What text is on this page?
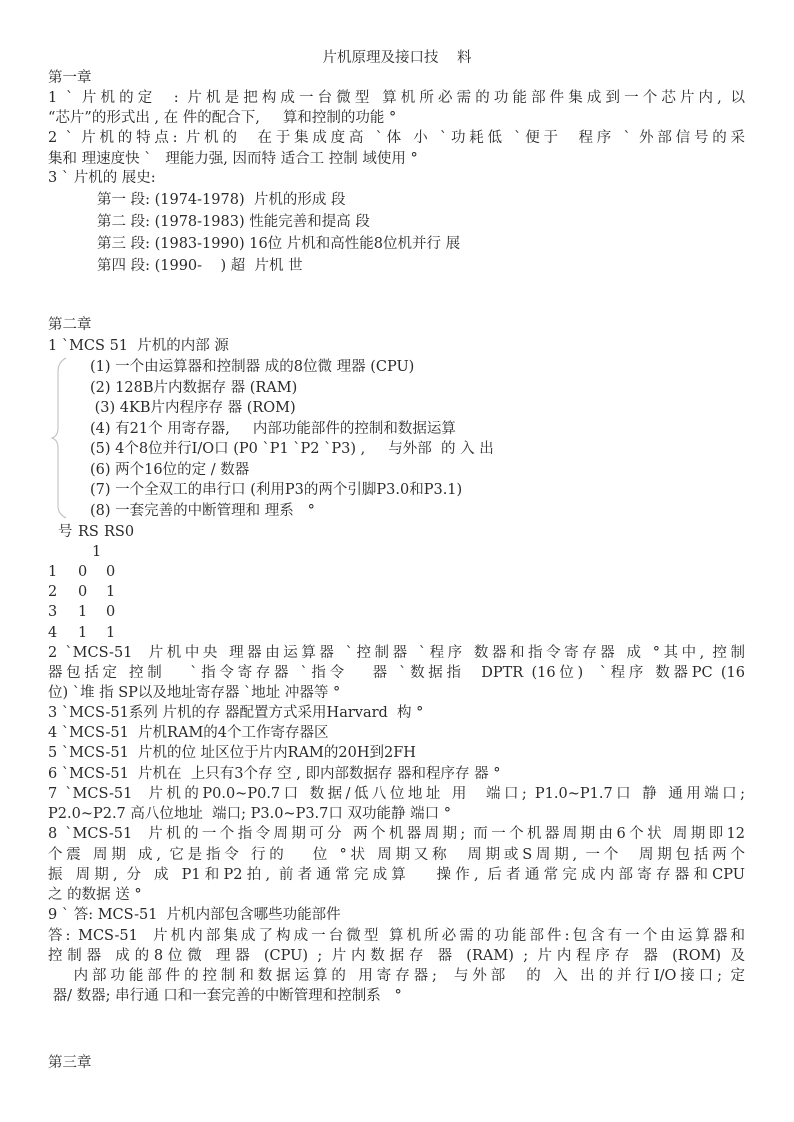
片机原理及接口技    料
第一章
1 ` 片机的定  : 片机是把构成一台微型 算机所必需的功能部件集成到一个芯片内, 以
“芯片”的形式出 , 在 件的配合下,     算和控制的功能 °
2 ` 片机的特点: 片机的  在于集成度高 `体 小 `功耗低 `便于  程序 ` 外部信号的采
集和 理速度快 `   理能力强, 因而特 适合工 控制 域使用 °
3 ` 片机的 展史:
第一 段: (1974-1978)  片机的形成 段
第二 段: (1978-1983) 性能完善和提高 段
第三 段: (1983-1990) 16位 片机和高性能8位机并行 展
第四 段: (1990-    ) 超  片机 世
第二章
1 `MCS 51  片机的内部 源
(1) 一个由运算器和控制器 成的8位微 理器 (CPU)
(2) 128B片内数据存 器 (RAM)
(3) 4KB片内程序存 器 (ROM)
(4) 有21个 用寄存器,     内部功能部件的控制和数据运算
(5) 4个8位并行I/O口 (P0 `P1 `P2 `P3) ,     与外部  的 入 出
(6) 两个16位的定 / 数器
(7) 一个全双工的串行口 (利用P3的两个引脚P3.0和P3.1)
(8) 一套完善的中断管理和 理系   °
号 RS RS0
1
1 0 0
2 0 1
3 1 0
4 1 1
2 `MCS-51  片机中央 理器由运算器 `控制器 `程序 数器和指令寄存器 成 °其中, 控制
器包括定 控制   `指令寄存器 `指令   器 `数据指  DPTR (16位)  `程序 数器PC (16
位) `堆 指 SP以及地址寄存器 `地址 冲器等 °
3 `MCS-51系列 片机的存 器配置方式采用Harvard  构 °
4 `MCS-51  片机RAM的4个工作寄存器区
5 `MCS-51  片机的位 址区位于片内RAM的20H到2FH
6 `MCS-51  片机在  上只有3个存 空 , 即内部数据存 器和程序存 器 °
7 `MCS-51  片机的P0.0~P0.7口 数据/低八位地址 用  端口; P1.0~P1.7口 静 通用端口;
P2.0~P2.7 高八位地址  端口; P3.0~P3.7口 双功能静 端口 °
8 `MCS-51  片机的一个指令周期可分 两个机器周期; 而一个机器周期由6个状 周期即12
个震 周期 成, 它是指令 行的   位 °状 周期又称  周期或S周期, 一个  周期包括两个
振 周期, 分 成 P1和P2拍, 前者通常完成算   操作, 后者通常完成内部寄存器和CPU
之 的数据 送 °
9 ` 答: MCS-51  片机内部包含哪些功能部件
答: MCS-51  片机内部集成了构成一台微型 算机所必需的功能部件:包含有一个由运算器和
控制器 成的8位微 理器 (CPU) ; 片内数据存 器 (RAM) ; 片内程序存 器 (ROM) 及
内部功能部件的控制和数据运算的 用寄存器;  与外部  的 入 出的并行I/O接口; 定
器/ 数器; 串行通 口和一套完善的中断管理和控制系   °
第三章
